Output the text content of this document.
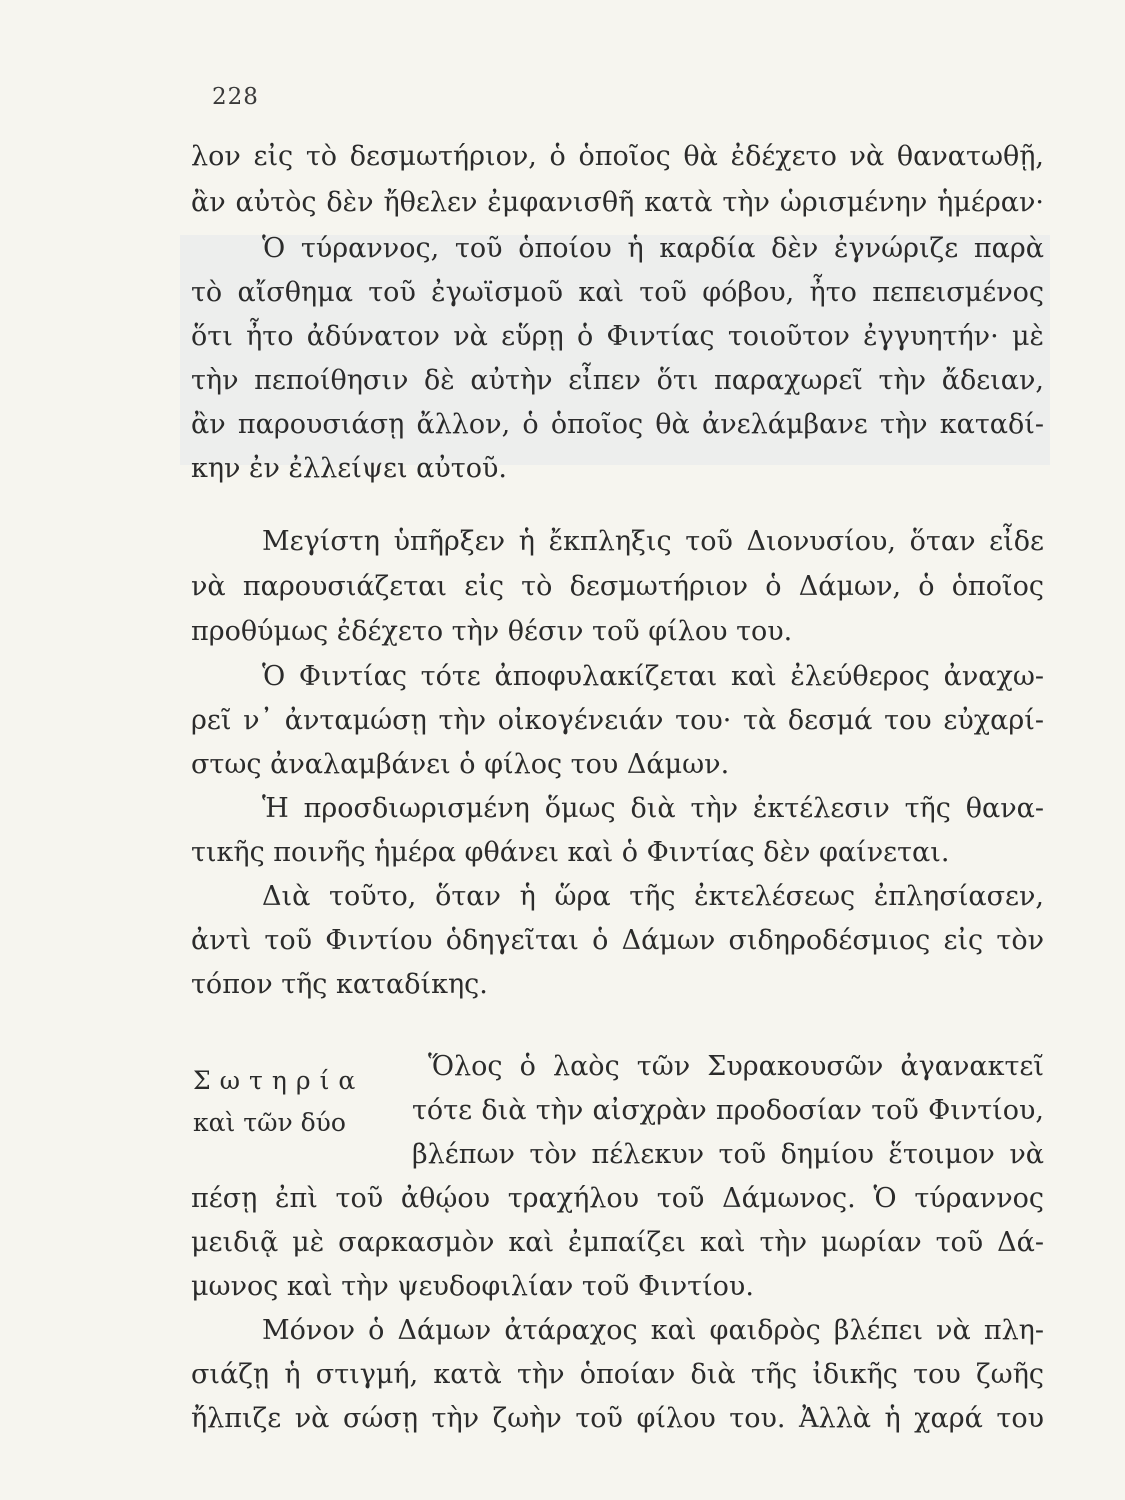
228
λον εἰς τὸ δεσμωτήριον, ὁ ὁποῖος θὰ ἐδέχετο νὰ θανατωθῇ,
ἂν αὐτὸς δὲν ἤθελεν ἐμφανισθῆ κατὰ τὴν ὡρισμένην ἡμέραν·
Ὁ τύραννος, τοῦ ὁποίου ἡ καρδία δὲν ἐγνώριζε παρὰ
τὸ αἴσθημα τοῦ ἐγωϊσμοῦ καὶ τοῦ φόβου, ἦτο πεπεισμένος
ὅτι ἦτο ἀδύνατον νὰ εὕρῃ ὁ Φιντίας τοιοῦτον ἐγγυητήν· μὲ
τὴν πεποίθησιν δὲ αὐτὴν εἶπεν ὅτι παραχωρεῖ τὴν ἄδειαν,
ἂν παρουσιάσῃ ἄλλον, ὁ ὁποῖος θὰ ἀνελάμβανε τὴν καταδί-
κην ἐν ἐλλείψει αὐτοῦ.
Μεγίστη ὑπῆρξεν ἡ ἔκπληξις τοῦ Διονυσίου, ὅταν εἶδε
νὰ παρουσιάζεται εἰς τὸ δεσμωτήριον ὁ Δάμων, ὁ ὁποῖος
προθύμως ἐδέχετο τὴν θέσιν τοῦ φίλου του.
Ὁ Φιντίας τότε ἀποφυλακίζεται καὶ ἐλεύθερος ἀναχω-
ρεῖ ν᾽ ἀνταμώσῃ τὴν οἰκογένειάν του· τὰ δεσμά του εὐχαρί-
στως ἀναλαμβάνει ὁ φίλος του Δάμων.
Ἡ προσδιωρισμένη ὅμως διὰ τὴν ἐκτέλεσιν τῆς θανα-
τικῆς ποινῆς ἡμέρα φθάνει καὶ ὁ Φιντίας δὲν φαίνεται.
Διὰ τοῦτο, ὅταν ἡ ὥρα τῆς ἐκτελέσεως ἐπλησίασεν,
ἀντὶ τοῦ Φιντίου ὁδηγεῖται ὁ Δάμων σιδηροδέσμιος εἰς τὸν
τόπον τῆς καταδίκης.
Σωτηρία
καὶ τῶν δύο
Ὅλος ὁ λαὸς τῶν Συρακουσῶν ἀγανακτεῖ
τότε διὰ τὴν αἰσχρὰν προδοσίαν τοῦ Φιντίου,
βλέπων τὸν πέλεκυν τοῦ δημίου ἕτοιμον νὰ
πέσῃ ἐπὶ τοῦ ἀθῴου τραχήλου τοῦ Δάμωνος. Ὁ τύραννος
μειδιᾷ μὲ σαρκασμὸν καὶ ἐμπαίζει καὶ τὴν μωρίαν τοῦ Δά-
μωνος καὶ τὴν ψευδοφιλίαν τοῦ Φιντίου.
Μόνον ὁ Δάμων ἀτάραχος καὶ φαιδρὸς βλέπει νὰ πλη-
σιάζῃ ἡ στιγμή, κατὰ τὴν ὁποίαν διὰ τῆς ἰδικῆς του ζωῆς
ἤλπιζε νὰ σώσῃ τὴν ζωὴν τοῦ φίλου του. Ἀλλὰ ἡ χαρά του
